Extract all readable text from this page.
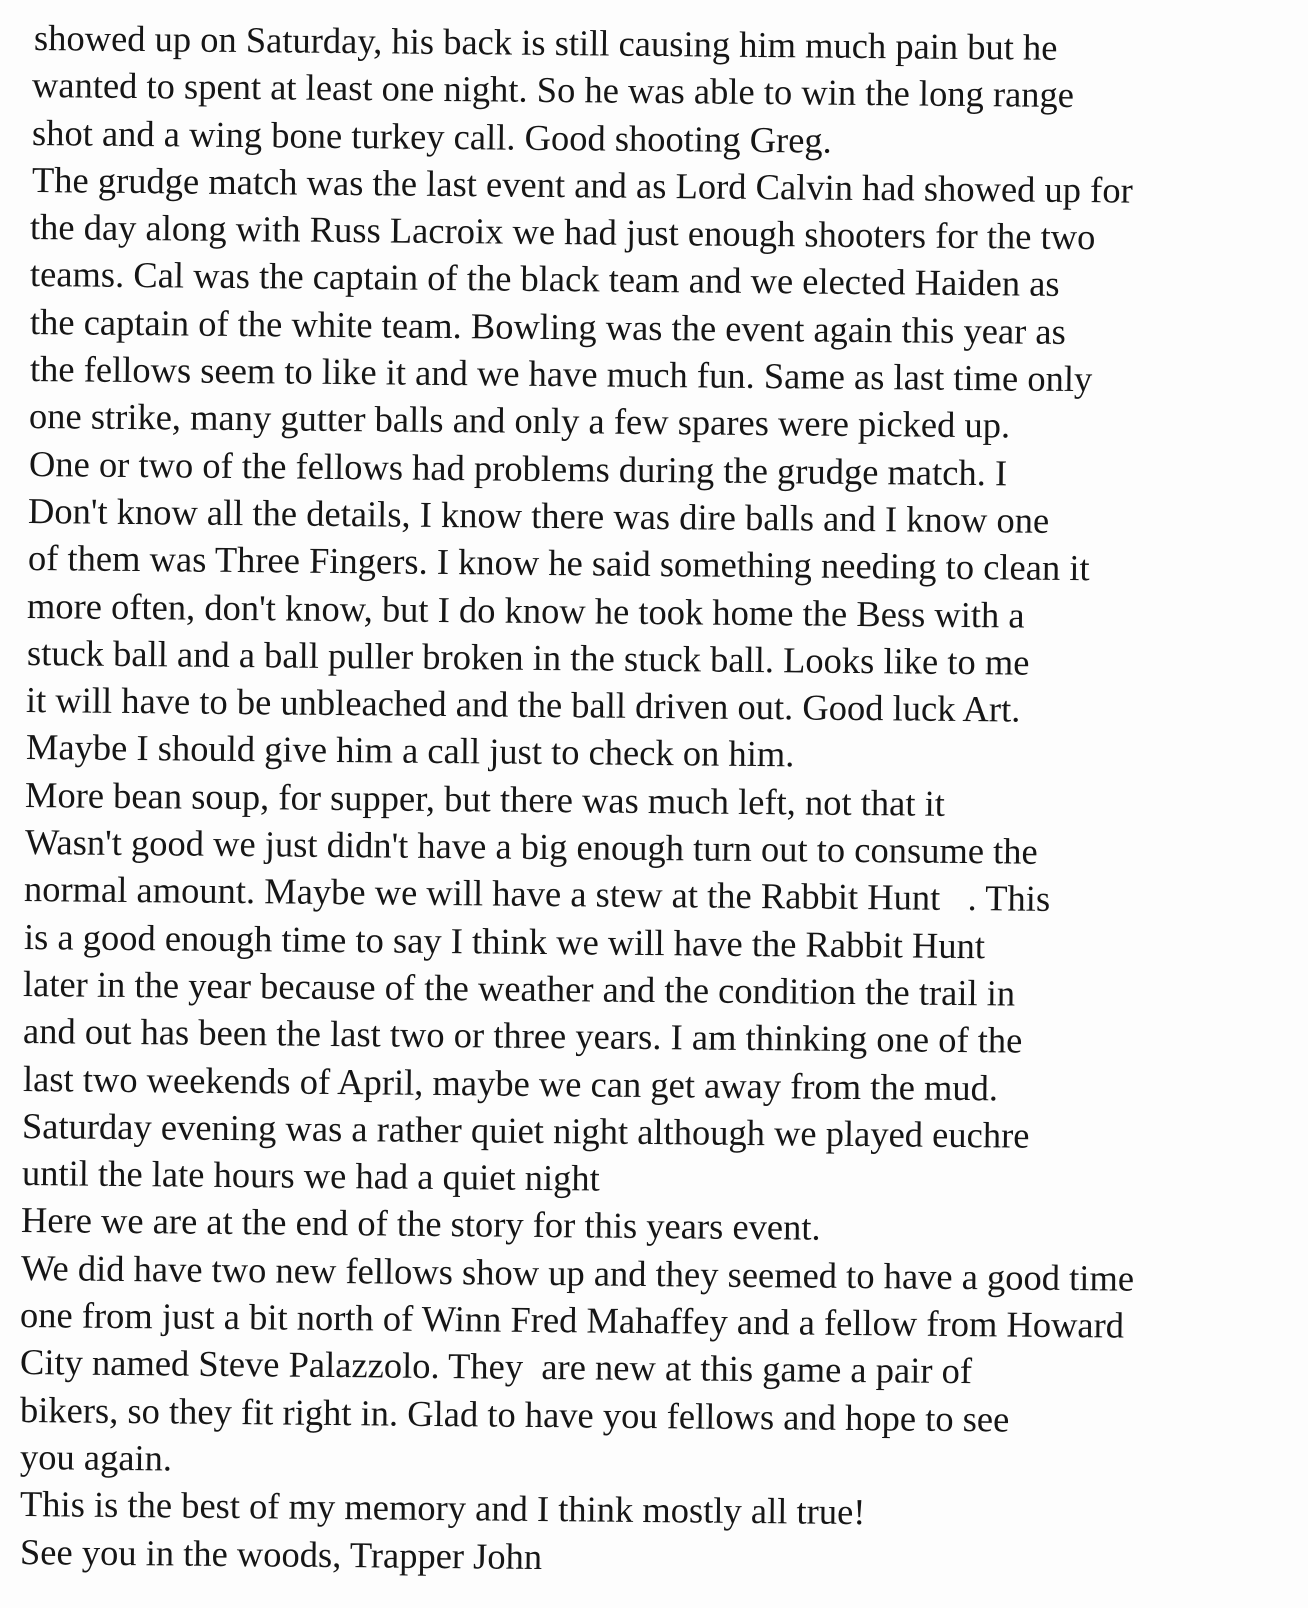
showed up on Saturday, his back is still causing him much pain but he
wanted to spent at least one night. So he was able to win the long range
shot and a wing bone turkey call. Good shooting Greg.
The grudge match was the last event and as Lord Calvin had showed up for
the day along with Russ Lacroix we had just enough shooters for the two
teams. Cal was the captain of the black team and we elected Haiden as
the captain of the white team. Bowling was the event again this year as
the fellows seem to like it and we have much fun. Same as last time only
one strike, many gutter balls and only a few spares were picked up.
One or two of the fellows had problems during the grudge match. I
Don't know all the details, I know there was dire balls and I know one
of them was Three Fingers. I know he said something needing to clean it
more often, don't know, but I do know he took home the Bess with a
stuck ball and a ball puller broken in the stuck ball. Looks like to me
it will have to be unbleached and the ball driven out. Good luck Art.
Maybe I should give him a call just to check on him.
More bean soup, for supper, but there was much left, not that it
Wasn't good we just didn't have a big enough turn out to consume the
normal amount. Maybe we will have a stew at the Rabbit Hunt   . This
is a good enough time to say I think we will have the Rabbit Hunt
later in the year because of the weather and the condition the trail in
and out has been the last two or three years. I am thinking one of the
last two weekends of April, maybe we can get away from the mud.
Saturday evening was a rather quiet night although we played euchre
until the late hours we had a quiet night
Here we are at the end of the story for this years event.
We did have two new fellows show up and they seemed to have a good time
one from just a bit north of Winn Fred Mahaffey and a fellow from Howard
City named Steve Palazzolo. They  are new at this game a pair of
bikers, so they fit right in. Glad to have you fellows and hope to see
you again.
This is the best of my memory and I think mostly all true!
See you in the woods, Trapper John
